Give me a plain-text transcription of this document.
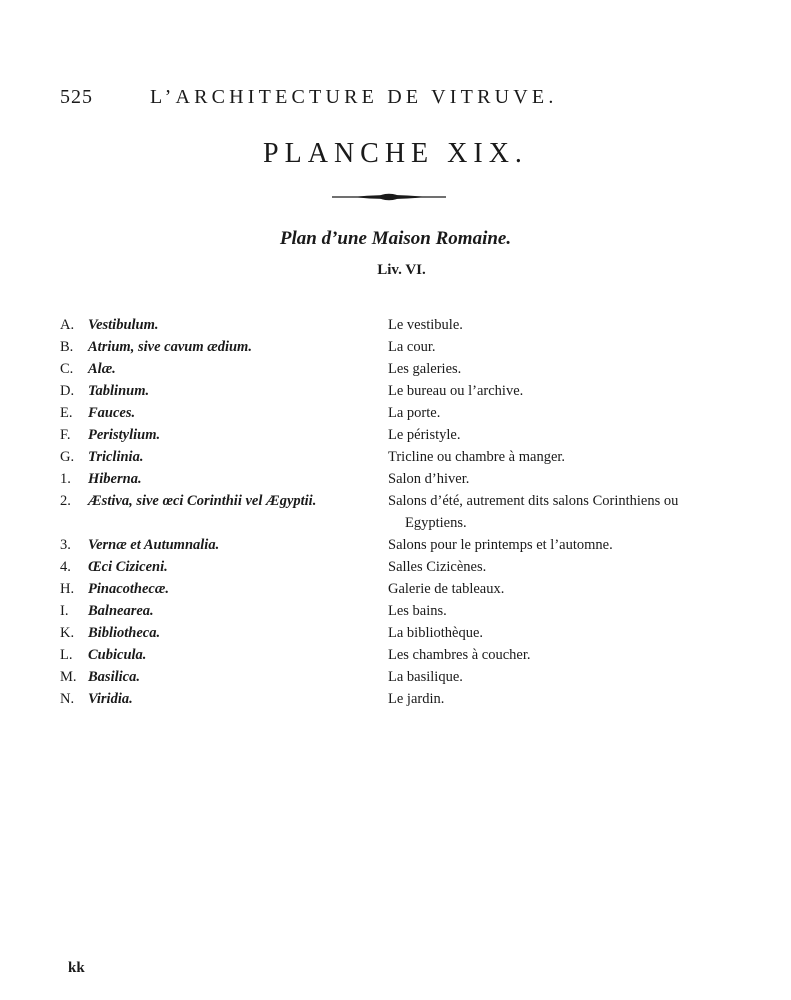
525	L’ARCHITECTURE DE VITRUVE.
PLANCHE XIX.
Plan d’une Maison Romaine.
Liv. VI.
A. Vestibulum.	Le vestibule.
B.	Atrium, sive cavum ædium.	La cour.
C.	Alæ.	Les galeries.
D. Tablinum.	Le bureau ou l’archive.
E.	Fauces.	La porte.
F.	Peristylium.	Le péristyle.
G. Triclinia.	Tricline ou chambre à manger.
1.	Hiberna.	Salon d’hiver.
2.	Æstiva, sive œci Corinthii vel Ægyptii.	Salons d’été, autrement dits salons Corinthiens ou
Egyptiens.
3.	Vernæ et Autumnalia.	Salons pour le printemps et l’automne.
4.	Œci Ciziceni.	Salles Cizicènes.
H. Pinacothecæ.	Galerie de tableaux.
I.	Balnearea.	Les bains.
K. Bibliotheca.	La bibliothèque.
L.	Cubicula.	Les chambres à coucher.
M. Basilica.	La basilique.
N. Viridia.	Le jardin.
kk
